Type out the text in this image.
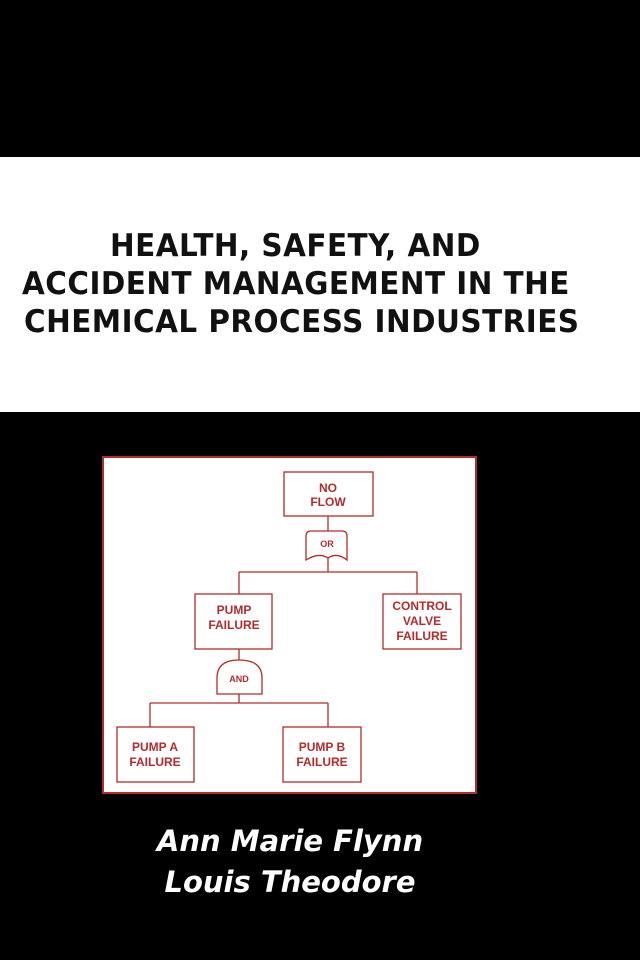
HEALTH, SAFETY, AND
ACCIDENT MANAGEMENT IN THE
CHEMICAL PROCESS INDUSTRIES
NO
FLOW
OR
PUMP
FAILURE
CONTROL
VALVE
FAILURE
AND
PUMP A
FAILURE
PUMP B
FAILURE
Ann Marie Flynn
Louis Theodore
